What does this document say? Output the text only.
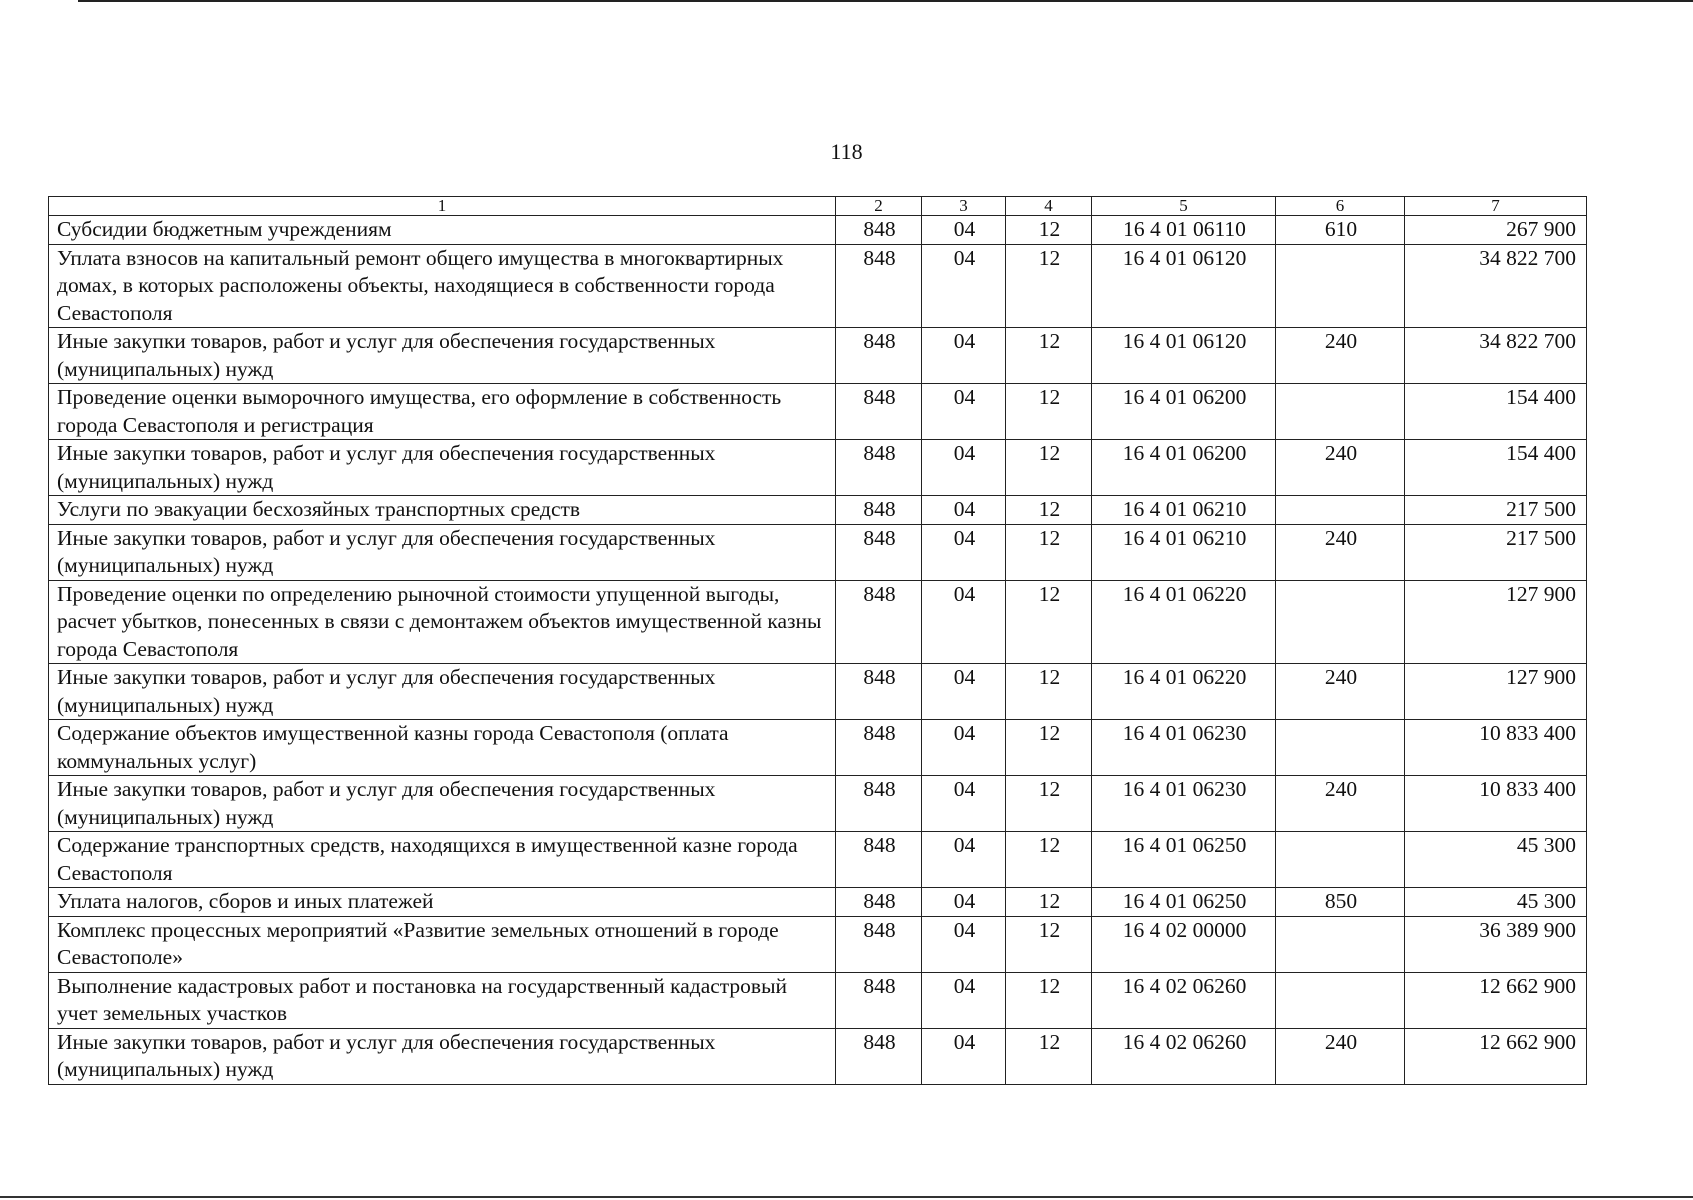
118
1	2	3	4	5	6	7
Субсидии бюджетным учреждениям	848	04	12	16 4 01 06110	610	267 900
Уплата взносов на капитальный ремонт общего имущества в многоквартирных домах, в которых расположены объекты, находящиеся в собственности города Севастополя	848	04	12	16 4 01 06120		34 822 700
Иные закупки товаров, работ и услуг для обеспечения государственных (муниципальных) нужд	848	04	12	16 4 01 06120	240	34 822 700
Проведение оценки выморочного имущества, его оформление в собственность города Севастополя и регистрация	848	04	12	16 4 01 06200		154 400
Иные закупки товаров, работ и услуг для обеспечения государственных (муниципальных) нужд	848	04	12	16 4 01 06200	240	154 400
Услуги по эвакуации бесхозяйных транспортных средств	848	04	12	16 4 01 06210		217 500
Иные закупки товаров, работ и услуг для обеспечения государственных (муниципальных) нужд	848	04	12	16 4 01 06210	240	217 500
Проведение оценки по определению рыночной стоимости упущенной выгоды, расчет убытков, понесенных в связи с демонтажем объектов имущественной казны города Севастополя	848	04	12	16 4 01 06220		127 900
Иные закупки товаров, работ и услуг для обеспечения государственных (муниципальных) нужд	848	04	12	16 4 01 06220	240	127 900
Содержание объектов имущественной казны города Севастополя (оплата коммунальных услуг)	848	04	12	16 4 01 06230		10 833 400
Иные закупки товаров, работ и услуг для обеспечения государственных (муниципальных) нужд	848	04	12	16 4 01 06230	240	10 833 400
Содержание транспортных средств, находящихся в имущественной казне города Севастополя	848	04	12	16 4 01 06250		45 300
Уплата налогов, сборов и иных платежей	848	04	12	16 4 01 06250	850	45 300
Комплекс процессных мероприятий «Развитие земельных отношений в городе Севастополе»	848	04	12	16 4 02 00000		36 389 900
Выполнение кадастровых работ и постановка на государственный кадастровый учет земельных участков	848	04	12	16 4 02 06260		12 662 900
Иные закупки товаров, работ и услуг для обеспечения государственных (муниципальных) нужд	848	04	12	16 4 02 06260	240	12 662 900
